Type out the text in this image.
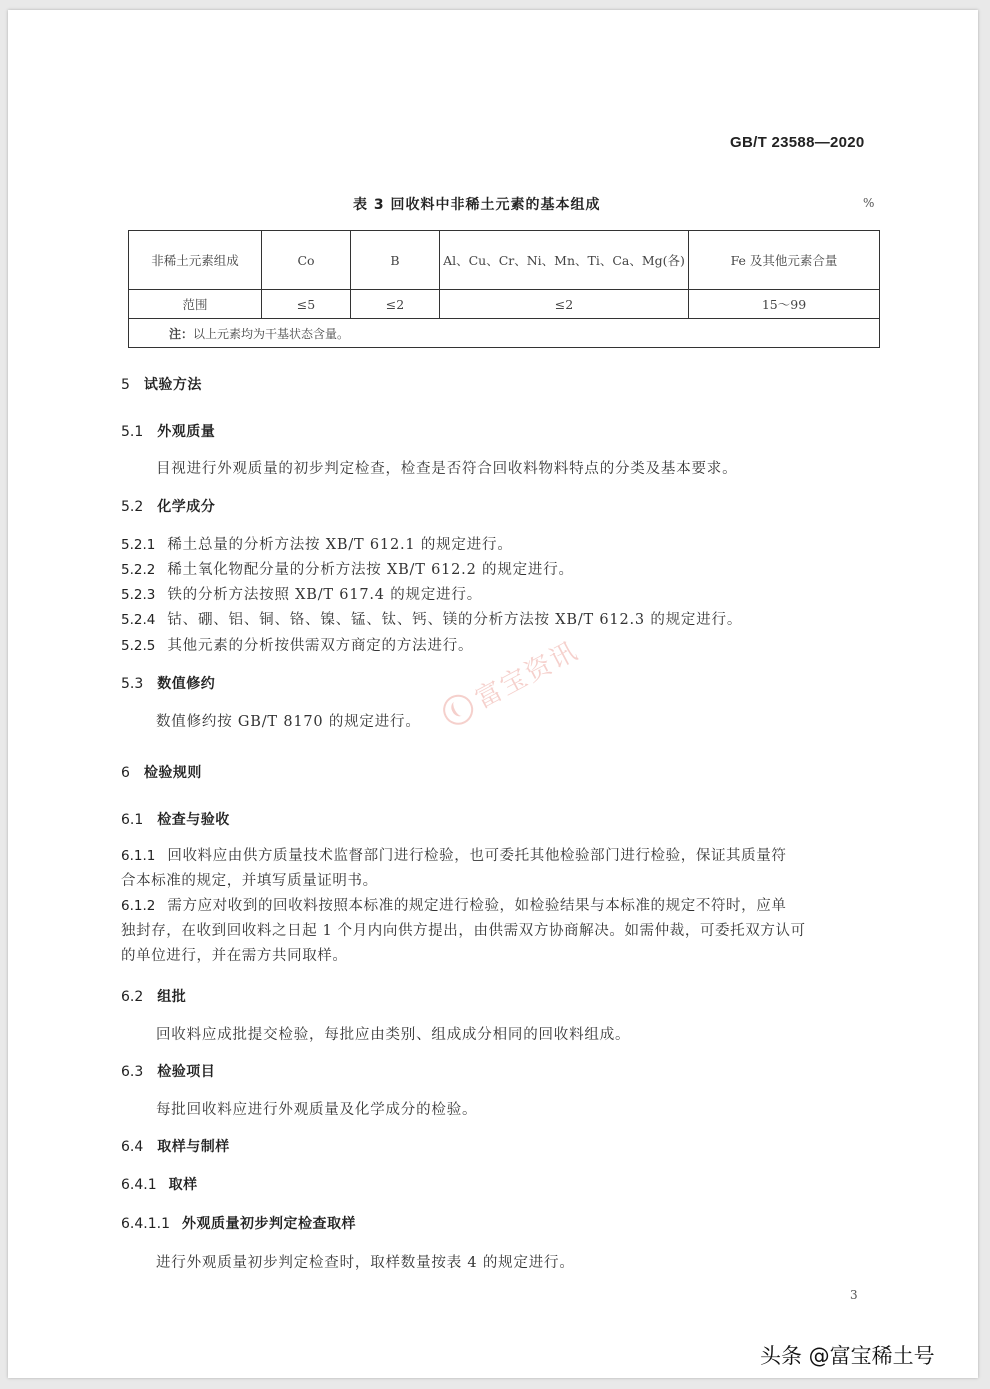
GB/T 23588—2020
表 3 回收料中非稀土元素的基本组成	%
非稀土元素组成	Co	B	Al、Cu、Cr、Ni、Mn、Ti、Ca、Mg(各)	Fe 及其他元素合量
范围	≤5	≤2	≤2	15～99
注：以上元素均为干基状态含量。				
5 试验方法
5.1 外观质量
目视进行外观质量的初步判定检查，检查是否符合回收料物料特点的分类及基本要求。
5.2 化学成分
5.2.1 稀土总量的分析方法按 XB/T 612.1 的规定进行。
5.2.2 稀土氧化物配分量的分析方法按 XB/T 612.2 的规定进行。
5.2.3 铁的分析方法按照 XB/T 617.4 的规定进行。
5.2.4 钴、硼、铝、铜、铬、镍、锰、钛、钙、镁的分析方法按 XB/T 612.3 的规定进行。
5.2.5 其他元素的分析按供需双方商定的方法进行。
5.3 数值修约
数值修约按 GB/T 8170 的规定进行。
6 检验规则
6.1 检查与验收
6.1.1 回收料应由供方质量技术监督部门进行检验，也可委托其他检验部门进行检验，保证其质量符
合本标准的规定，并填写质量证明书。
6.1.2 需方应对收到的回收料按照本标准的规定进行检验，如检验结果与本标准的规定不符时，应单
独封存，在收到回收料之日起 1 个月内向供方提出，由供需双方协商解决。如需仲裁，可委托双方认可
的单位进行，并在需方共同取样。
6.2 组批
回收料应成批提交检验，每批应由类别、组成成分相同的回收料组成。
6.3 检验项目
每批回收料应进行外观质量及化学成分的检验。
6.4 取样与制样
6.4.1 取样
6.4.1.1 外观质量初步判定检查取样
进行外观质量初步判定检查时，取样数量按表 4 的规定进行。
3
富宝资讯
头条 @富宝稀土号
